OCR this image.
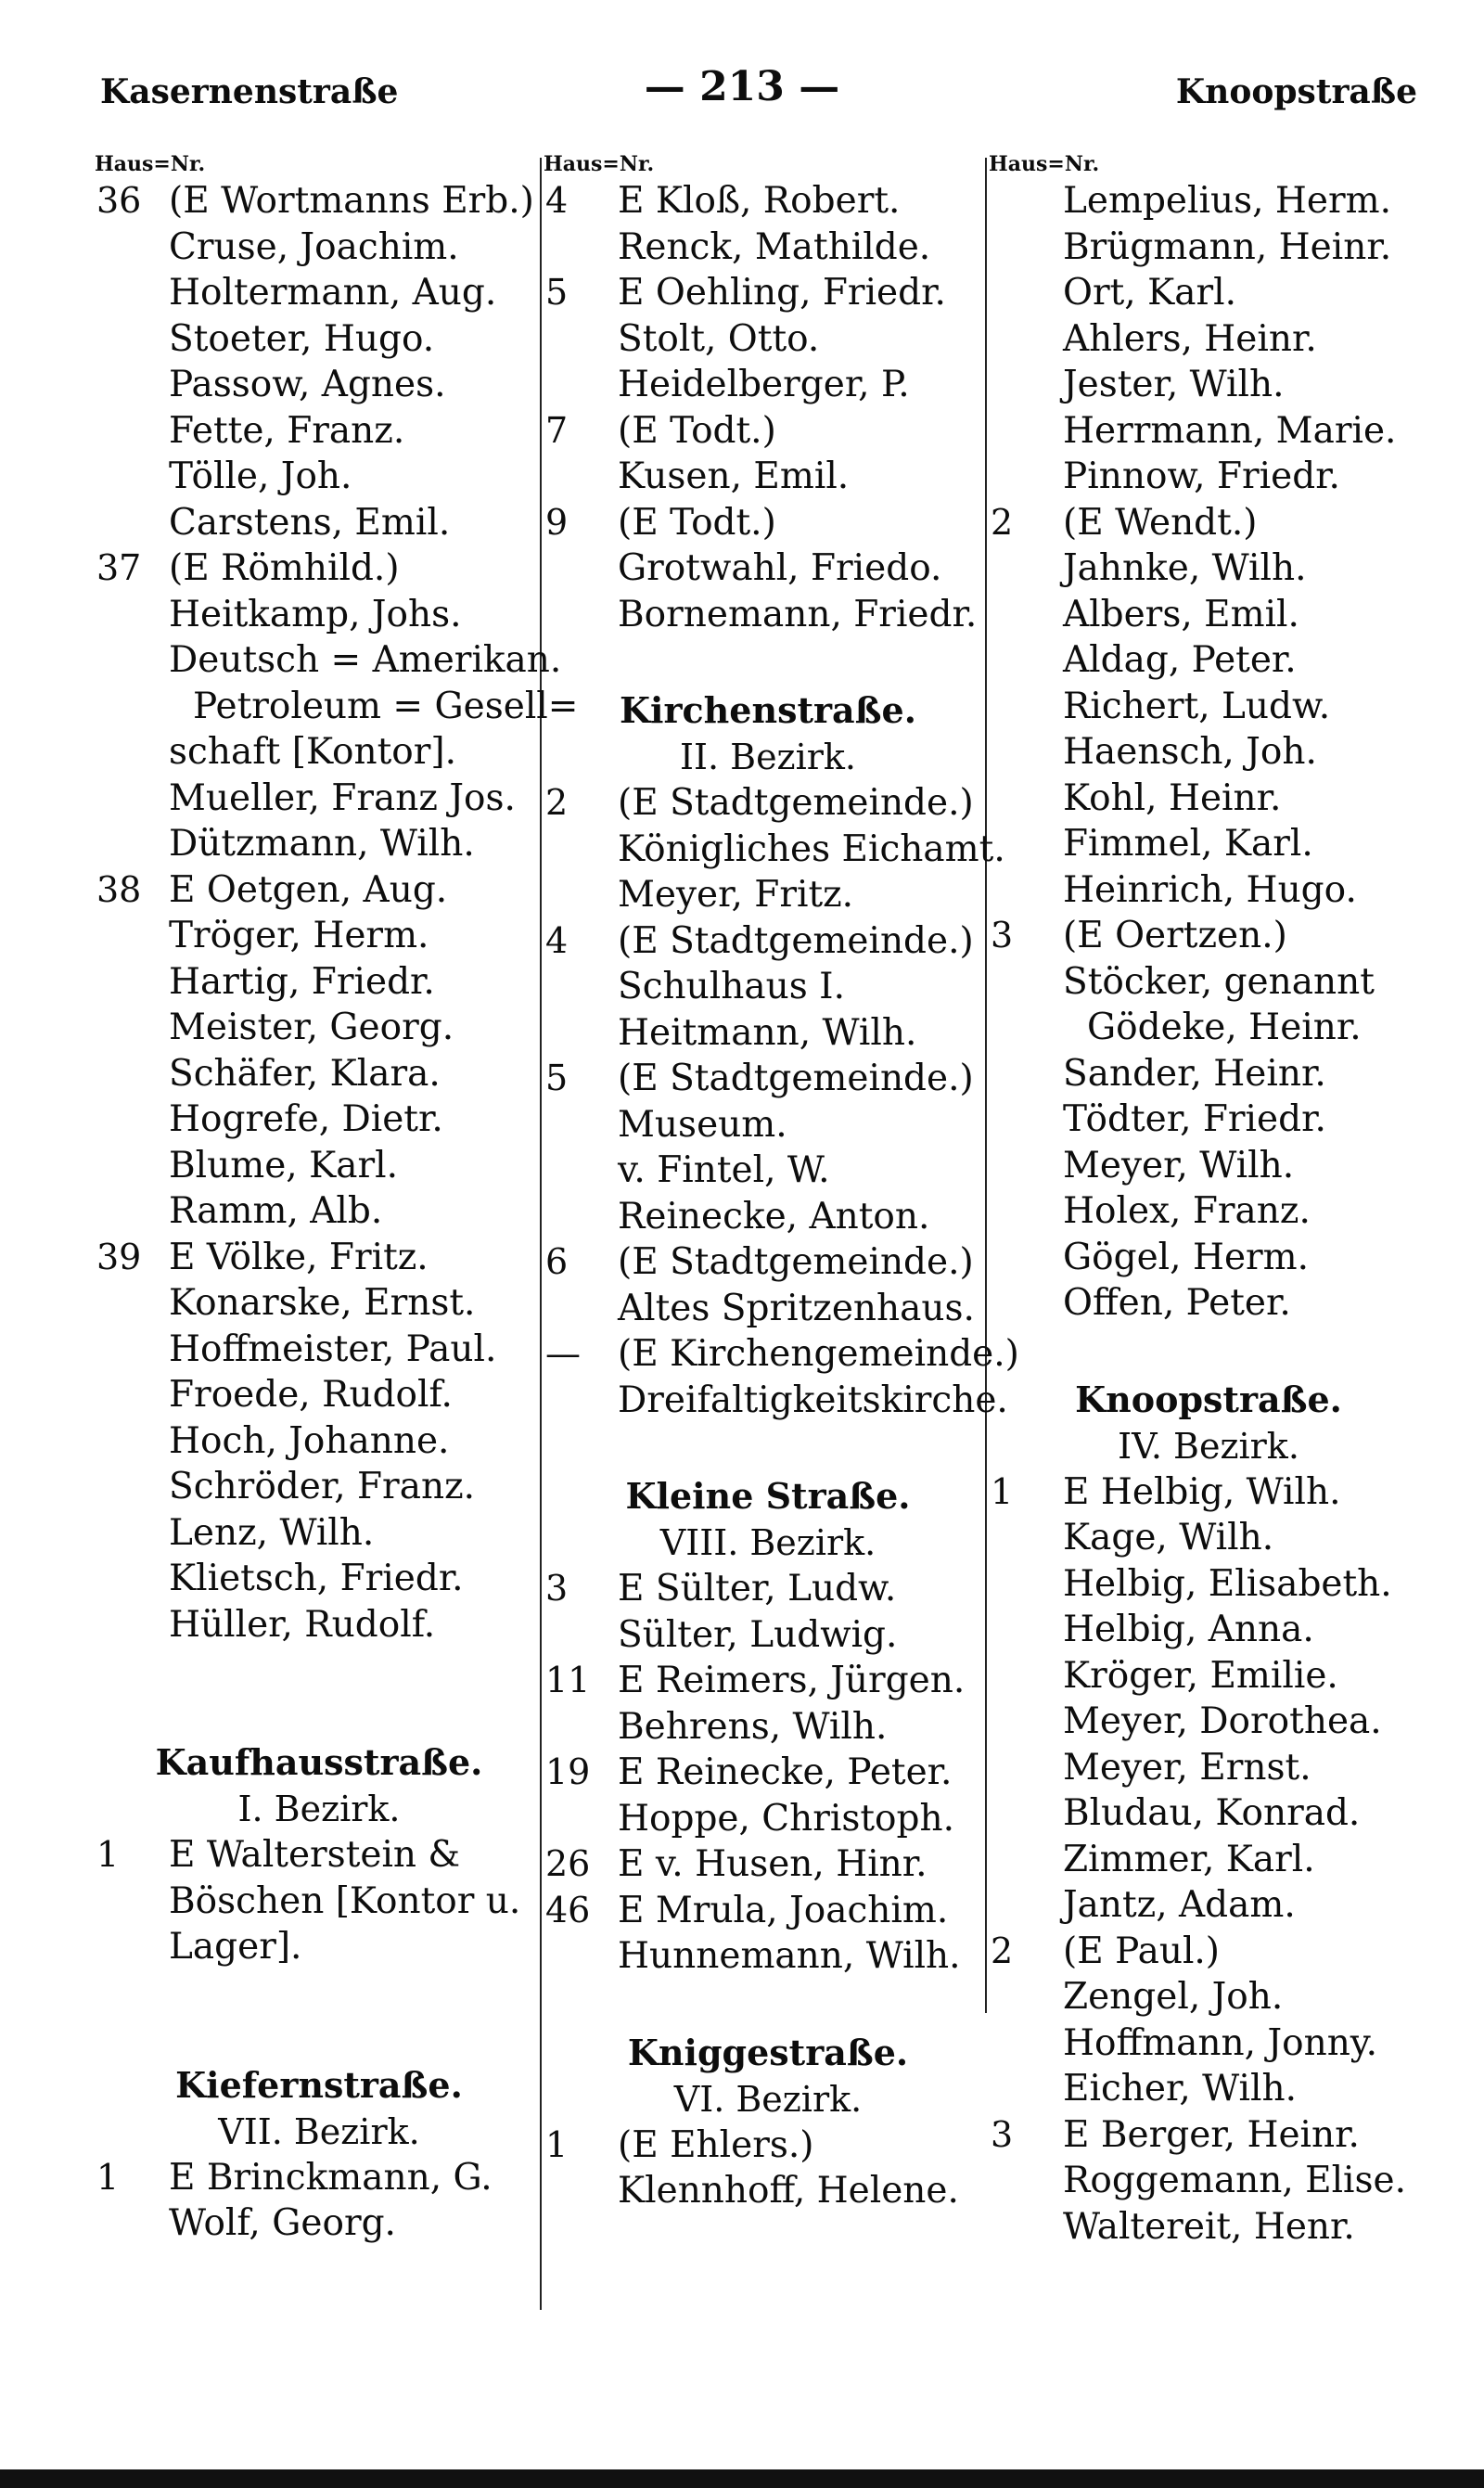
Kasernenstraße	— 213 —	Knoopstraße
Haus=Nr.
36 (E Wortmanns Erb.)
Cruse, Joachim.
Holtermann, Aug.
Stoeter, Hugo.
Passow, Agnes.
Fette, Franz.
Tölle, Joh.
Carstens, Emil.
37 (E Römhild.)
Heitkamp, Johs.
Deutsch = Amerikan.
Petroleum = Gesell=
schaft [Kontor].
Mueller, Franz Jos.
Dützmann, Wilh.
38 E Oetgen, Aug.
Tröger, Herm.
Hartig, Friedr.
Meister, Georg.
Schäfer, Klara.
Hogrefe, Dietr.
Blume, Karl.
Ramm, Alb.
39 E Völke, Fritz.
Konarske, Ernst.
Hoffmeister, Paul.
Froede, Rudolf.
Hoch, Johanne.
Schröder, Franz.
Lenz, Wilh.
Klietsch, Friedr.
Hüller, Rudolf.
Kaufhausstraße.
I. Bezirk.
1	E Walterstein &
Böschen [Kontor u.
Lager].
Kiefernstraße.
VII. Bezirk.
1	E Brinckmann, G.
Wolf, Georg.
Haus=Nr.
4	E Kloß, Robert.
Renck, Mathilde.
5	E Oehling, Friedr.
Stolt, Otto.
Heidelberger, P.
7	(E Todt.)
Kusen, Emil.
9	(E Todt.)
Grotwahl, Friedo.
Bornemann, Friedr.
Kirchenstraße.
II. Bezirk.
2	(E Stadtgemeinde.)
Königliches Eichamt.
Meyer, Fritz.
4	(E Stadtgemeinde.)
Schulhaus I.
Heitmann, Wilh.
5	(E Stadtgemeinde.)
Museum.
v. Fintel, W.
Reinecke, Anton.
6	(E Stadtgemeinde.)
Altes Spritzenhaus.
—	(E Kirchengemeinde.)
Dreifaltigkeitskirche.
Kleine Straße.
VIII. Bezirk.
3	E Sülter, Ludw.
Sülter, Ludwig.
11 E Reimers, Jürgen.
Behrens, Wilh.
19 E Reinecke, Peter.
Hoppe, Christoph.
26 E v. Husen, Hinr.
46 E Mrula, Joachim.
Hunnemann, Wilh.
Kniggestraße.
VI. Bezirk.
1	(E Ehlers.)
Klennhoff, Helene.
Haus=Nr.
Lempelius, Herm.
Brügmann, Heinr.
Ort, Karl.
Ahlers, Heinr.
Jester, Wilh.
Herrmann, Marie.
Pinnow, Friedr.
2	(E Wendt.)
Jahnke, Wilh.
Albers, Emil.
Aldag, Peter.
Richert, Ludw.
Haensch, Joh.
Kohl, Heinr.
Fimmel, Karl.
Heinrich, Hugo.
3	(E Oertzen.)
Stöcker, genannt
Gödeke, Heinr.
Sander, Heinr.
Tödter, Friedr.
Meyer, Wilh.
Holex, Franz.
Gögel, Herm.
Offen, Peter.
Knoopstraße.
IV. Bezirk.
1	E Helbig, Wilh.
Kage, Wilh.
Helbig, Elisabeth.
Helbig, Anna.
Kröger, Emilie.
Meyer, Dorothea.
Meyer, Ernst.
Bludau, Konrad.
Zimmer, Karl.
Jantz, Adam.
2	(E Paul.)
Zengel, Joh.
Hoffmann, Jonny.
Eicher, Wilh.
3	E Berger, Heinr.
Roggemann, Elise.
Waltereit, Henr.
